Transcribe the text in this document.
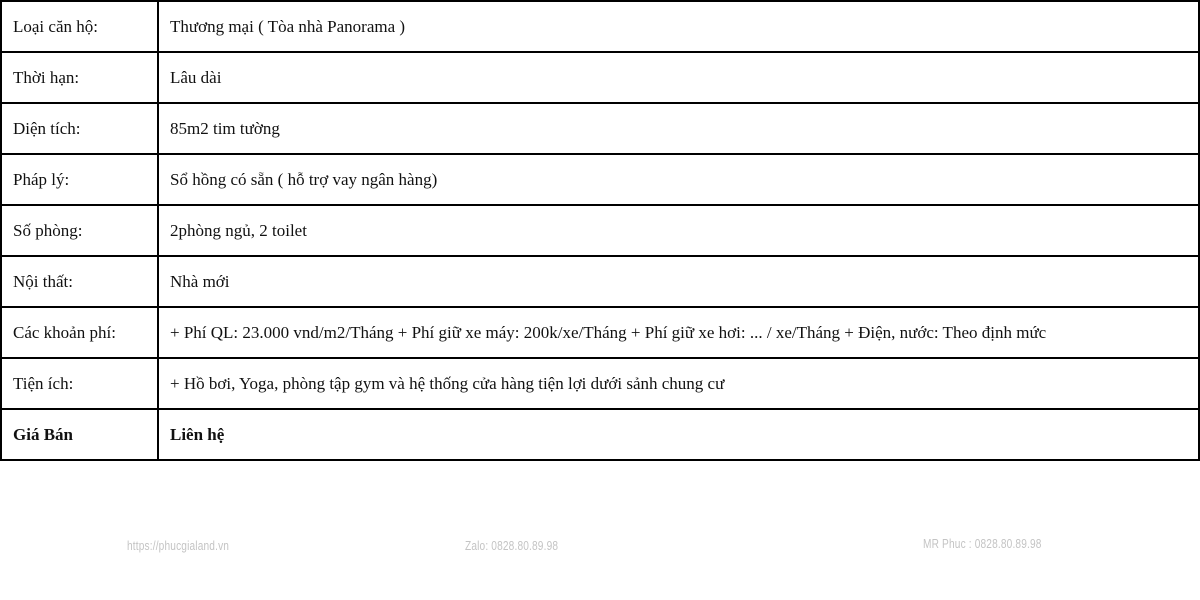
Loại căn hộ:	Thương mại ( Tòa nhà Panorama )
Thời hạn:	Lâu dài
Diện tích:	85m2 tim tường
Pháp lý:	Sổ hồng có sẵn ( hỗ trợ vay ngân hàng)
Số phòng:	2phòng ngủ, 2 toilet
Nội thất:	Nhà mới
Các khoản phí:	+ Phí QL: 23.000 vnd/m2/Tháng + Phí giữ xe máy: 200k/xe/Tháng + Phí giữ xe hơi: ... / xe/Tháng + Điện, nước: Theo định mức
Tiện ích:	+ Hồ bơi, Yoga, phòng tập gym và hệ thống cửa hàng tiện lợi dưới sảnh chung cư
Giá Bán	Liên hệ
https://phucgialand.vn	Zalo: 0828.80.89.98	MR Phuc : 0828.80.89.98
